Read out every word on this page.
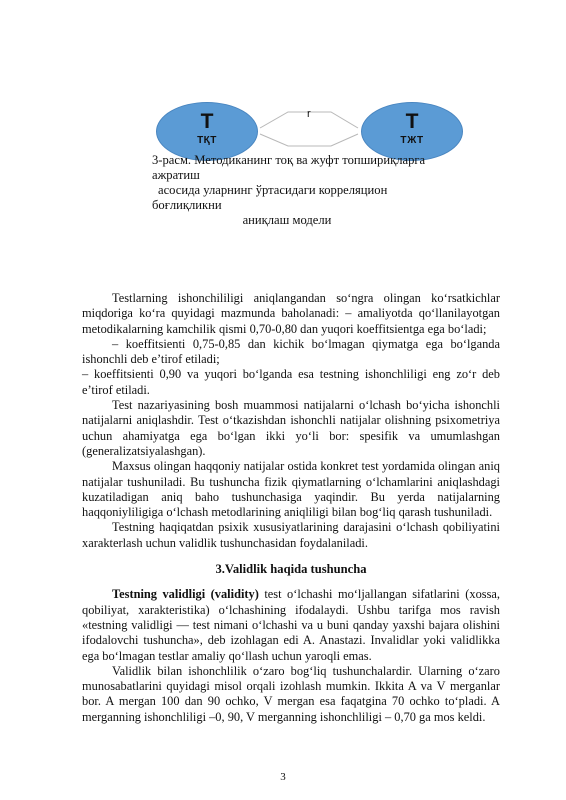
T
ТҚТ
r	T
ТЖТ
3-расм. Методиканинг тоқ ва жуфт топшириқларга ажратиш
асосида уларнинг ўртасидаги корреляцион боғлиқликни

аниқлаш модели

Testlarning ishonchililigi aniqlangandan so‘ngra olingan ko‘rsatkichlar miqdoriga ko‘ra quyidagi mazmunda baholanadi: – amaliyotda qo‘llanilayotgan metodikalarning kamchilik qismi 0,70-0,80 dan yuqori koeffitsientga ega bo‘ladi;

– koeffitsienti 0,75-0,85 dan kichik bo‘lmagan qiymatga ega bo‘lganda ishonchli deb e’tirof etiladi;

– koeffitsienti 0,90 va yuqori bo‘lganda esa testning ishonchliligi eng zo‘r deb e’tirof etiladi.

Test nazariyasining bosh muammosi natijalarni o‘lchash bo‘yicha ishonchli natijalarni aniqlashdir. Test o‘tkazishdan ishonchli natijalar olishning psixometriya uchun ahamiyatga ega bo‘lgan ikki yo‘li bor: spesifik va umumlashgan (generalizatsiyalashgan).

Maxsus olingan haqqoniy natijalar ostida konkret test yordamida olingan aniq natijalar tushuniladi. Bu tushuncha fizik qiymatlarning o‘lchamlarini aniqlashdagi kuzatiladigan aniq baho tushunchasiga yaqindir. Bu yerda natijalarning haqqoniyliligiga o‘lchash metodlarining aniqliligi bilan bog‘liq qarash tushuniladi.

Testning haqiqatdan psixik xususiyatlarining darajasini o‘lchash qobiliyatini xarakterlash uchun validlik tushunchasidan foydalaniladi.

3.Validlik haqida tushuncha

Testning validligi (validity) test o‘lchashi mo‘ljallangan sifatlarini (xossa, qobiliyat, xarakteristika) o‘lchashining ifodalaydi. Ushbu tarifga mos ravish «testning validligi — test nimani o‘lchashi va u buni qanday yaxshi bajara olishini ifodalovchi tushuncha», deb izohlagan edi A. Anastazi. Invalidlar yoki validlikka ega bo‘lmagan testlar amaliy qo‘llash uchun yaroqli emas.

Validlik bilan ishonchlilik o‘zaro bog‘liq tushunchalardir. Ularning o‘zaro munosabatlarini quyidagi misol orqali izohlash mumkin. Ikkita A va V merganlar bor. A mergan 100 dan 90 ochko, V mergan esa faqatgina 70 ochko to‘pladi. A merganning ishonchliligi –0, 90, V merganning ishonchliligi – 0,70 ga mos keldi.

3
